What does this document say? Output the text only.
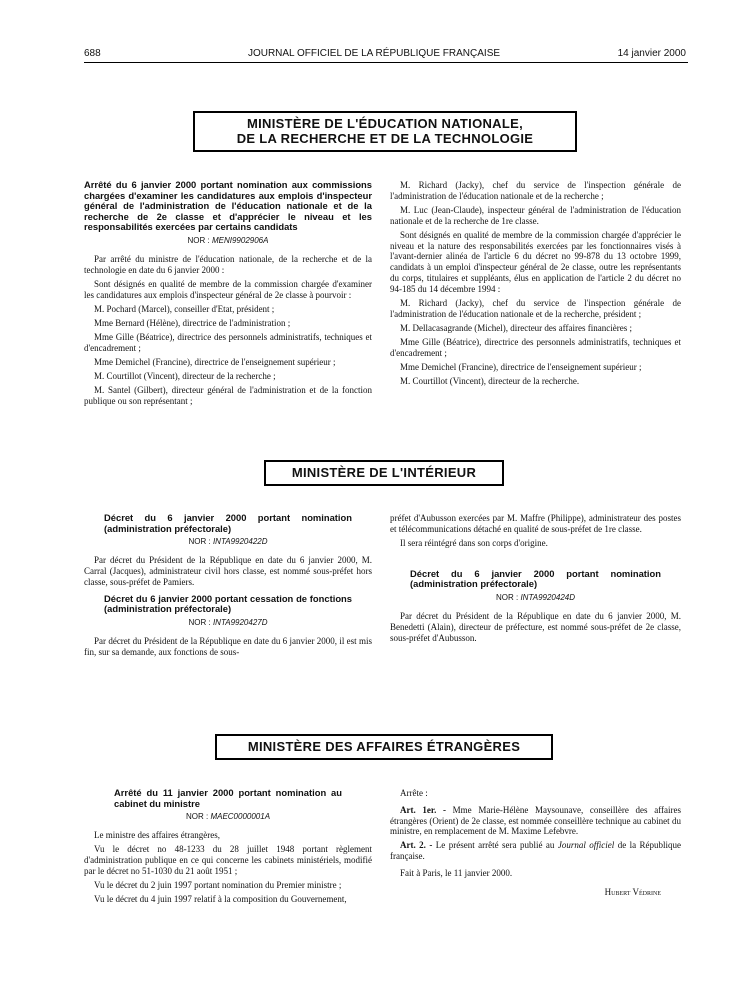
688	JOURNAL OFFICIEL DE LA RÉPUBLIQUE FRANÇAISE	14 janvier 2000
MINISTÈRE DE L'ÉDUCATION NATIONALE,
DE LA RECHERCHE ET DE LA TECHNOLOGIE

Arrêté du 6 janvier 2000 portant nomination aux commissions chargées d'examiner les candidatures aux emplois d'inspecteur général de l'administration de l'éducation nationale et de la recherche de 2e classe et d'apprécier le niveau et les responsabilités exercées par certains candidats

NOR : MENI9902906A

Par arrêté du ministre de l'éducation nationale, de la recherche et de la technologie en date du 6 janvier 2000 :

Sont désignés en qualité de membre de la commission chargée d'examiner les candidatures aux emplois d'inspecteur général de 2e classe à pourvoir :

M. Pochard (Marcel), conseiller d'Etat, président ;

Mme Bernard (Hélène), directrice de l'administration ;

Mme Gille (Béatrice), directrice des personnels administratifs, techniques et d'encadrement ;

Mme Demichel (Francine), directrice de l'enseignement supérieur ;

M. Courtillot (Vincent), directeur de la recherche ;

M. Santel (Gilbert), directeur général de l'administration et de la fonction publique ou son représentant ;

M. Richard (Jacky), chef du service de l'inspection générale de l'administration de l'éducation nationale et de la recherche ;

M. Luc (Jean-Claude), inspecteur général de l'administration de l'éducation nationale et de la recherche de 1re classe.

Sont désignés en qualité de membre de la commission chargée d'apprécier le niveau et la nature des responsabilités exercées par les fonctionnaires visés à l'avant-dernier alinéa de l'article 6 du décret no 99-878 du 13 octobre 1999, candidats à un emploi d'inspecteur général de 2e classe, outre les représentants du corps, titulaires et suppléants, élus en application de l'article 2 du décret no 94-185 du 14 décembre 1994 :

M. Richard (Jacky), chef du service de l'inspection générale de l'administration de l'éducation nationale et de la recherche, président ;

M. Dellacasagrande (Michel), directeur des affaires financières ;

Mme Gille (Béatrice), directrice des personnels administratifs, techniques et d'encadrement ;

Mme Demichel (Francine), directrice de l'enseignement supérieur ;

M. Courtillot (Vincent), directeur de la recherche.

MINISTÈRE DE L'INTÉRIEUR

Décret du 6 janvier 2000 portant nomination (administration préfectorale)

NOR : INTA9920422D

Par décret du Président de la République en date du 6 janvier 2000, M. Carral (Jacques), administrateur civil hors classe, est nommé sous-préfet hors classe, sous-préfet de Pamiers.

Décret du 6 janvier 2000 portant cessation de fonctions (administration préfectorale)

NOR : INTA9920427D

Par décret du Président de la République en date du 6 janvier 2000, il est mis fin, sur sa demande, aux fonctions de sous-

préfet d'Aubusson exercées par M. Maffre (Philippe), administrateur des postes et télécommunications détaché en qualité de sous-préfet de 1re classe.

Il sera réintégré dans son corps d'origine.

Décret du 6 janvier 2000 portant nomination (administration préfectorale)

NOR : INTA9920424D

Par décret du Président de la République en date du 6 janvier 2000, M. Benedetti (Alain), directeur de préfecture, est nommé sous-préfet de 2e classe, sous-préfet d'Aubusson.

MINISTÈRE DES AFFAIRES ÉTRANGÈRES

Arrêté du 11 janvier 2000 portant nomination au cabinet du ministre

NOR : MAEC0000001A

Le ministre des affaires étrangères,

Vu le décret no 48-1233 du 28 juillet 1948 portant règlement d'administration publique en ce qui concerne les cabinets ministériels, modifié par le décret no 51-1030 du 21 août 1951 ;

Vu le décret du 2 juin 1997 portant nomination du Premier ministre ;

Vu le décret du 4 juin 1997 relatif à la composition du Gouvernement,

Arrête :

Art. 1er. - Mme Marie-Hélène Maysounave, conseillère des affaires étrangères (Orient) de 2e classe, est nommée conseillère technique au cabinet du ministre, en remplacement de M. Maxime Lefebvre.

Art. 2. - Le présent arrêté sera publié au Journal officiel de la République française.

Fait à Paris, le 11 janvier 2000.

Hubert Védrine
